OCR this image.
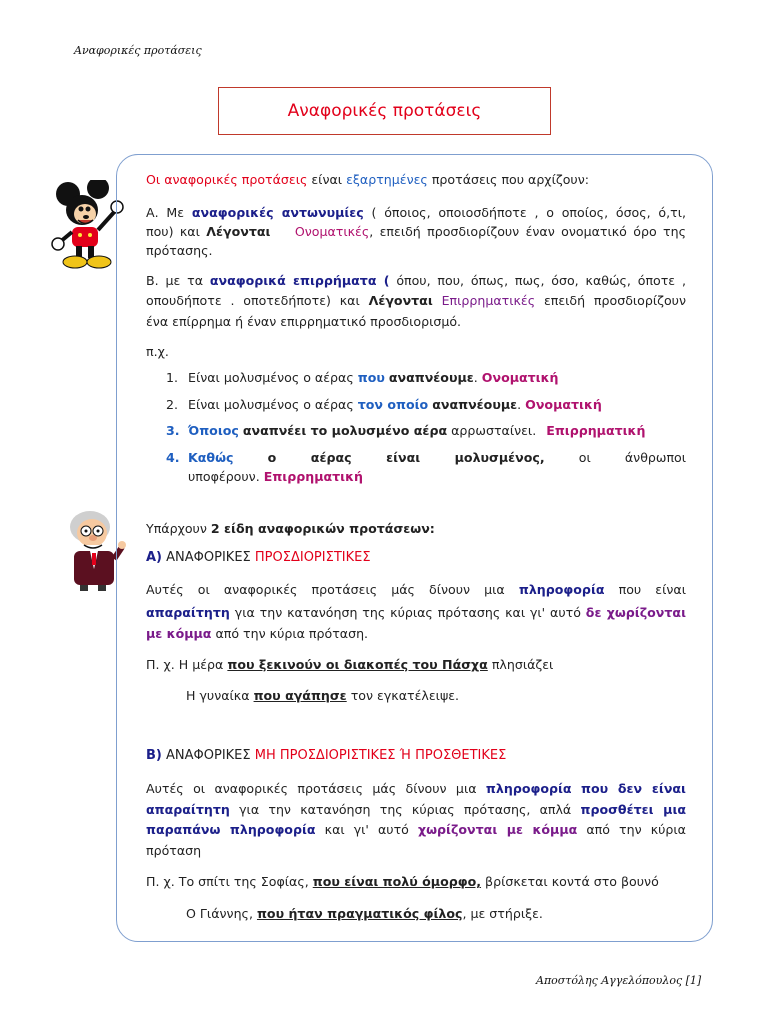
Αναφορικές προτάσεις
Αναφορικές προτάσεις
Οι αναφορικές προτάσεις είναι εξαρτημένες προτάσεις που αρχίζουν:
Α. Με αναφορικές αντωνυμίες ( όποιος, οποιοσδήποτε , ο οποίος, όσος, ό,τι,
που) και Λέγονται Ονοματικές, επειδή προσδιορίζουν έναν ονοματικό όρο της
πρότασης.
Β. με τα αναφορικά επιρρήματα ( όπου, που, όπως, πως, όσο, καθώς, όποτε ,
οπουδήποτε . οποτεδήποτε) και Λέγονται Επιρρηματικές επειδή προσδιορίζουν
ένα επίρρημα ή έναν επιρρηματικό προσδιορισμό.
π.χ.
1. Είναι μολυσμένος ο αέρας που αναπνέουμε. Ονοματική
2. Είναι μολυσμένος ο αέρας τον οποίο αναπνέουμε. Ονοματική
3. Όποιος αναπνέει το μολυσμένο αέρα αρρωσταίνει. Επιρρηματική
4. Καθώς	ο αέρας είναι μολυσμένος,	οι άνθρωποι
υποφέρουν. Επιρρηματική
Υπάρχουν 2 είδη αναφορικών προτάσεων:
Α) ΑΝΑΦΟΡΙΚΕΣ ΠΡΟΣΔΙΟΡΙΣΤΙΚΕΣ
Αυτές οι αναφορικές προτάσεις μάς δίνουν μια πληροφορία που είναι
απαραίτητη για την κατανόηση της κύριας πρότασης και γι' αυτό δε χωρίζονται
με κόμμα από την κύρια πρόταση.
Π. χ. Η μέρα που ξεκινούν οι διακοπές του Πάσχα πλησιάζει
Η γυναίκα που αγάπησε τον εγκατέλειψε.
Β) ΑΝΑΦΟΡΙΚΕΣ ΜΗ ΠΡΟΣΔΙΟΡΙΣΤΙΚΕΣ Ή ΠΡΟΣΘΕΤΙΚΕΣ
Αυτές οι αναφορικές προτάσεις μάς δίνουν μια πληροφορία που δεν είναι
απαραίτητη για την κατανόηση της κύριας πρότασης, απλά προσθέτει μια
παραπάνω πληροφορία και γι' αυτό χωρίζονται με κόμμα από την κύρια
πρόταση
Π. χ. Το σπίτι της Σοφίας, που είναι πολύ όμορφο, βρίσκεται κοντά στο βουνό
Ο Γιάννης, που ήταν πραγματικός φίλος, με στήριξε.
Αποστόλης Αγγελόπουλος [1]
